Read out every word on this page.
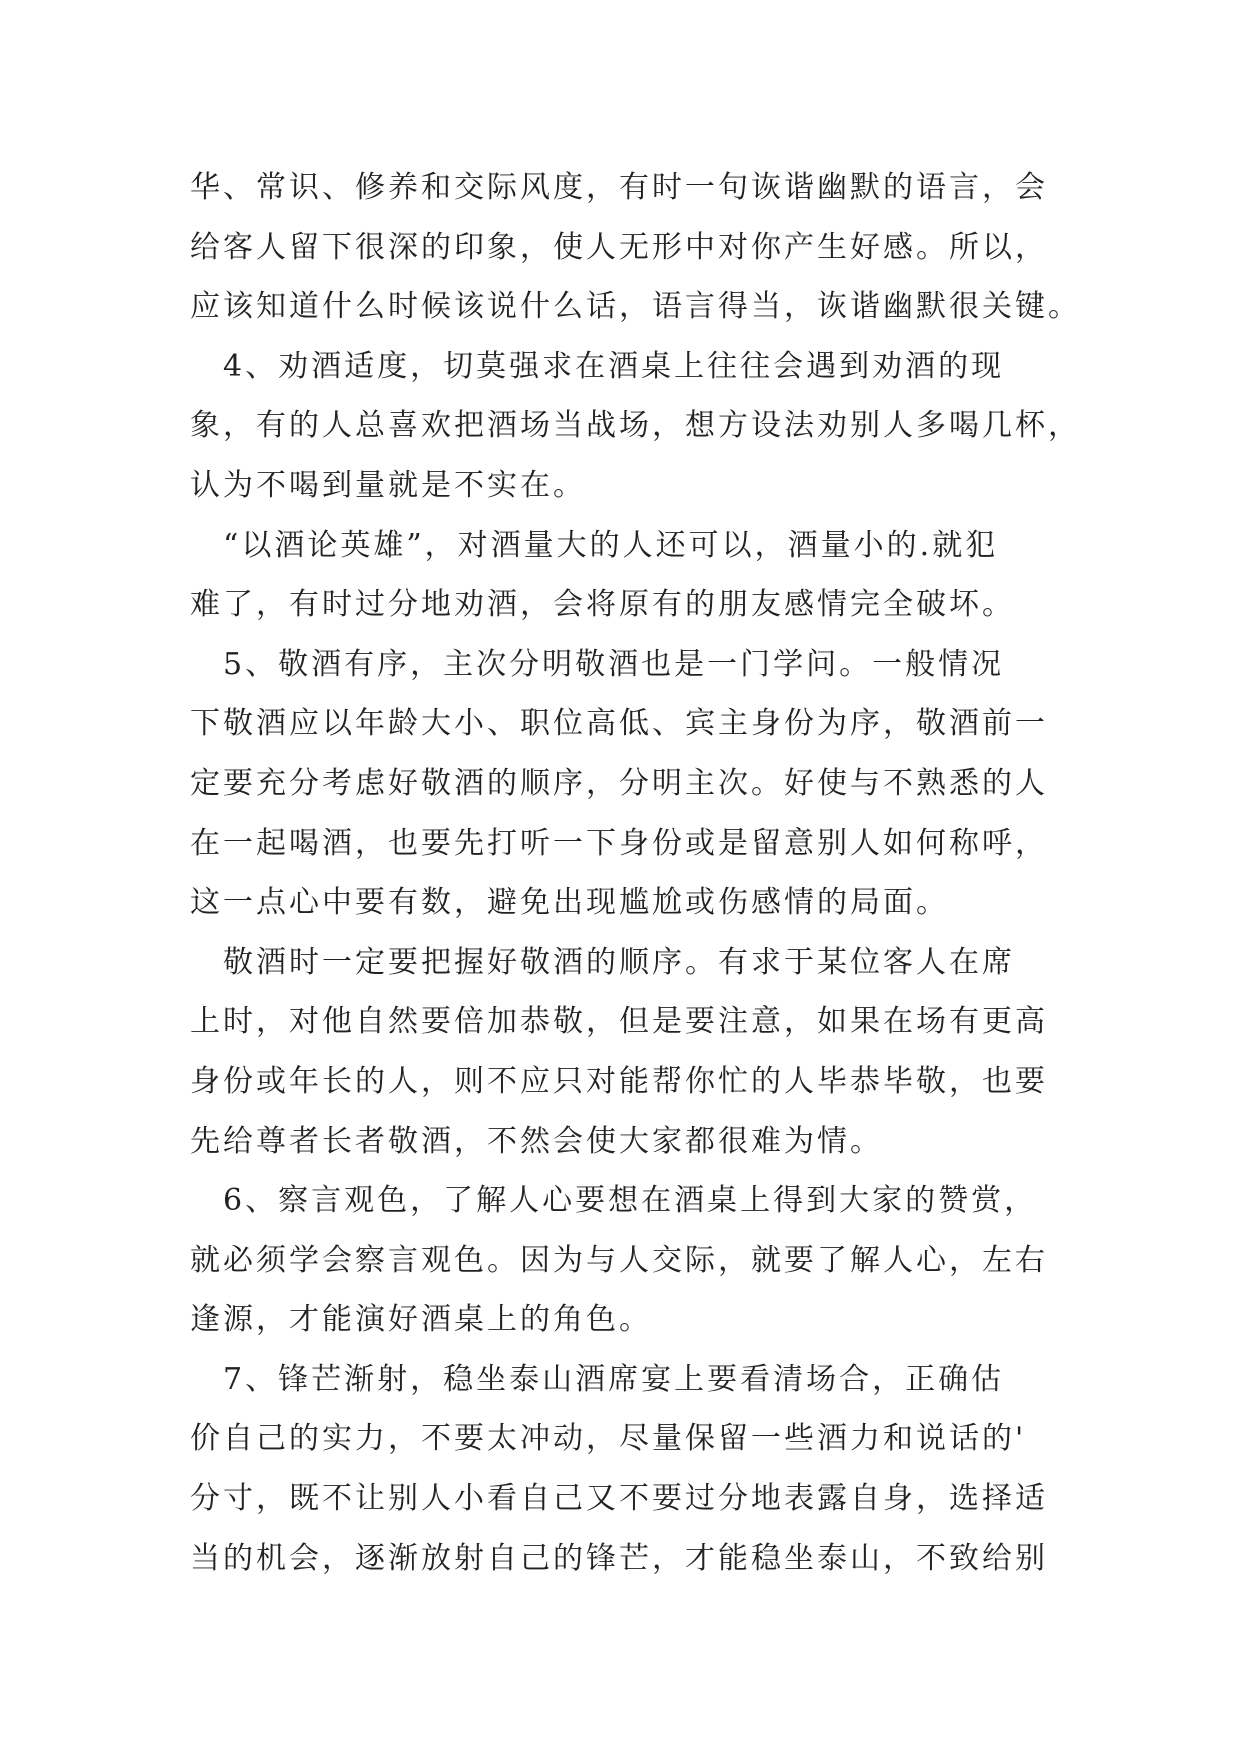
华、常识、修养和交际风度，有时一句诙谐幽默的语言，会
给客人留下很深的印象，使人无形中对你产生好感。所以，
应该知道什么时候该说什么话，语言得当，诙谐幽默很关键。
　4、劝酒适度，切莫强求在酒桌上往往会遇到劝酒的现
象，有的人总喜欢把酒场当战场，想方设法劝别人多喝几杯，
认为不喝到量就是不实在。
　“以酒论英雄”，对酒量大的人还可以，酒量小的.就犯
难了，有时过分地劝酒，会将原有的朋友感情完全破坏。
　5、敬酒有序，主次分明敬酒也是一门学问。一般情况
下敬酒应以年龄大小、职位高低、宾主身份为序，敬酒前一
定要充分考虑好敬酒的顺序，分明主次。好使与不熟悉的人
在一起喝酒，也要先打听一下身份或是留意别人如何称呼，
这一点心中要有数，避免出现尴尬或伤感情的局面。
　敬酒时一定要把握好敬酒的顺序。有求于某位客人在席
上时，对他自然要倍加恭敬，但是要注意，如果在场有更高
身份或年长的人，则不应只对能帮你忙的人毕恭毕敬，也要
先给尊者长者敬酒，不然会使大家都很难为情。
　6、察言观色，了解人心要想在酒桌上得到大家的赞赏，
就必须学会察言观色。因为与人交际，就要了解人心，左右
逢源，才能演好酒桌上的角色。
　7、锋芒渐射，稳坐泰山酒席宴上要看清场合，正确估
价自己的实力，不要太冲动，尽量保留一些酒力和说话的'
分寸，既不让别人小看自己又不要过分地表露自身，选择适
当的机会，逐渐放射自己的锋芒，才能稳坐泰山，不致给别
